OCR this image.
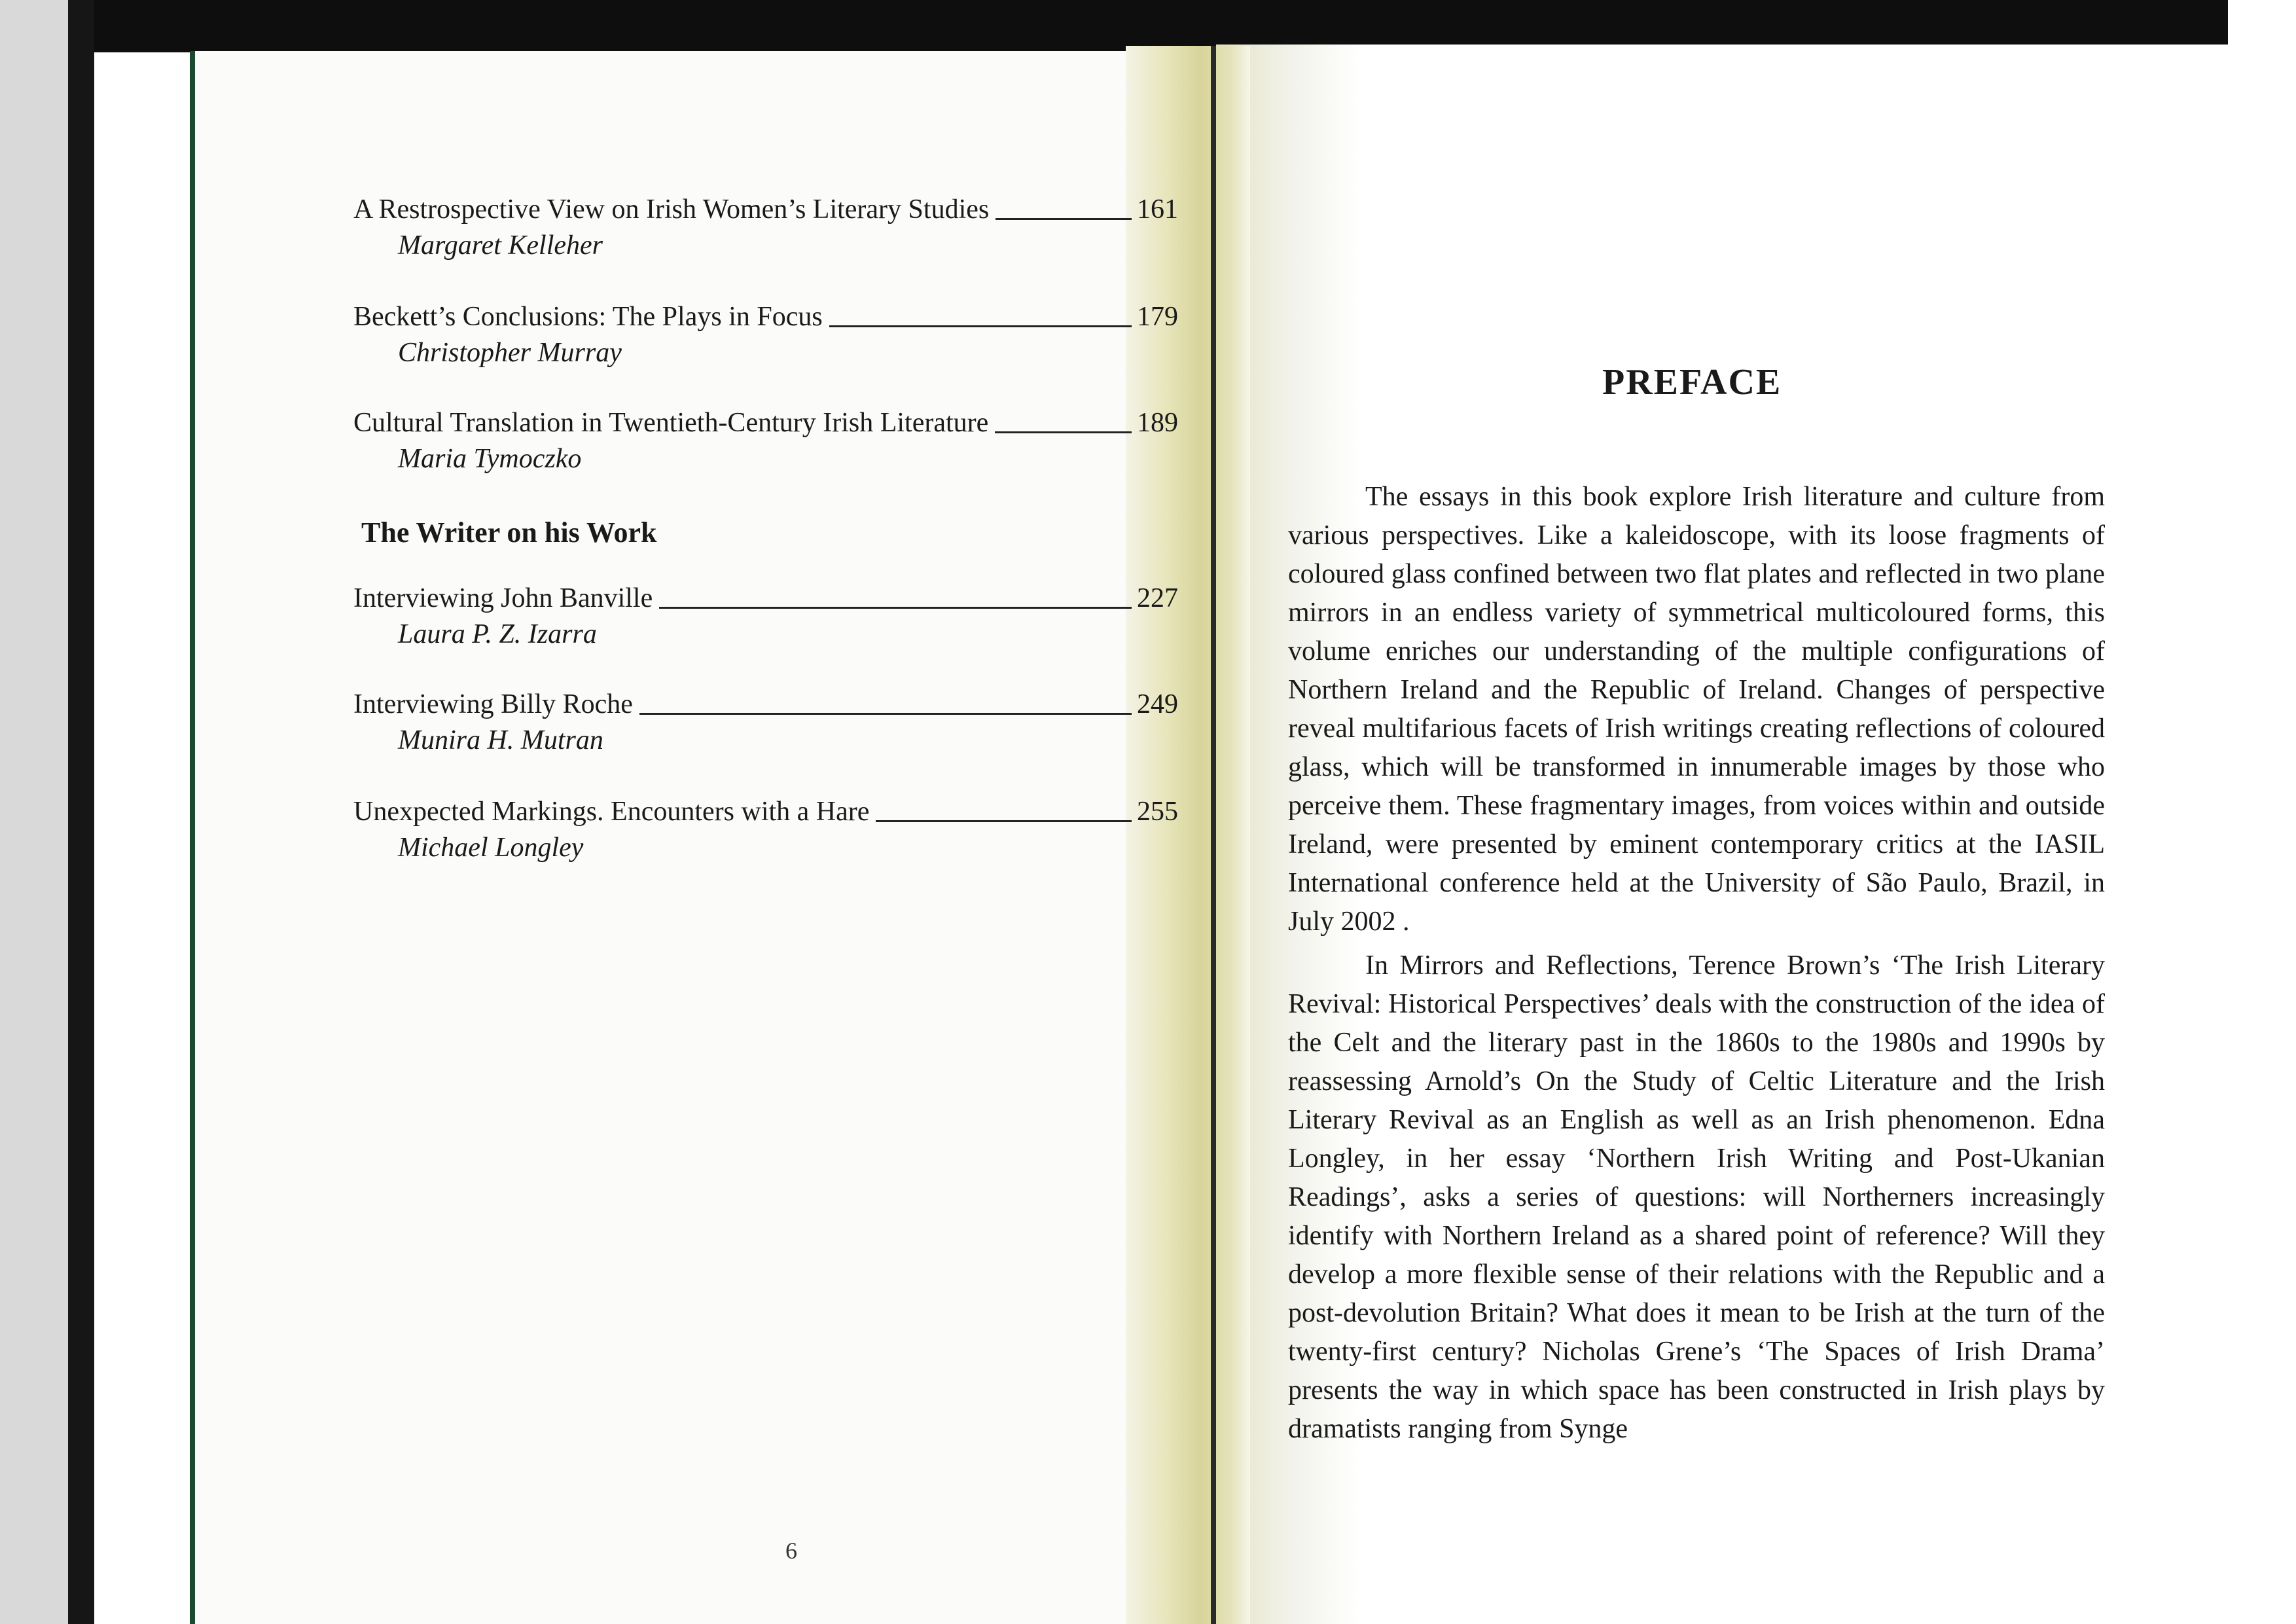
A Restrospective View on Irish Women’s Literary Studies	161
Margaret Kelleher
Beckett’s Conclusions: The Plays in Focus	179
Christopher Murray
Cultural Translation in Twentieth-Century Irish Literature	189
Maria Tymoczko
The Writer on his Work
Interviewing John Banville	227
Laura P. Z. Izarra
Interviewing Billy Roche	249
Munira H. Mutran
Unexpected Markings. Encounters with a Hare	255
Michael Longley
6
PREFACE

The essays in this book explore Irish literature and culture from various perspectives. Like a kaleidoscope, with its loose fragments of coloured glass confined between two flat plates and reflected in two plane mirrors in an endless variety of symmetrical multicoloured forms, this volume enriches our understanding of the multiple configurations of Northern Ireland and the Republic of Ireland. Changes of perspective reveal multifarious facets of Irish writings creating reflections of coloured glass, which will be transformed in innumerable images by those who perceive them. These fragmentary images, from voices within and outside Ireland, were presented by eminent contemporary critics at the IASIL International conference held at the University of São Paulo, Brazil, in July 2002 .

In Mirrors and Reflections, Terence Brown’s ‘The Irish Literary Revival: Historical Perspectives’ deals with the construction of the idea of the Celt and the literary past in the 1860s to the 1980s and 1990s by reassessing Arnold’s On the Study of Celtic Literature and the Irish Literary Revival as an English as well as an Irish phenomenon. Edna Longley, in her essay ‘Northern Irish Writing and Post-Ukanian Readings’, asks a series of questions: will Northerners increasingly identify with Northern Ireland as a shared point of reference? Will they develop a more flexible sense of their relations with the Republic and a post-devolution Britain? What does it mean to be Irish at the turn of the twenty-first century? Nicholas Grene’s ‘The Spaces of Irish Drama’ presents the way in which space has been constructed in Irish plays by dramatists ranging from Synge
